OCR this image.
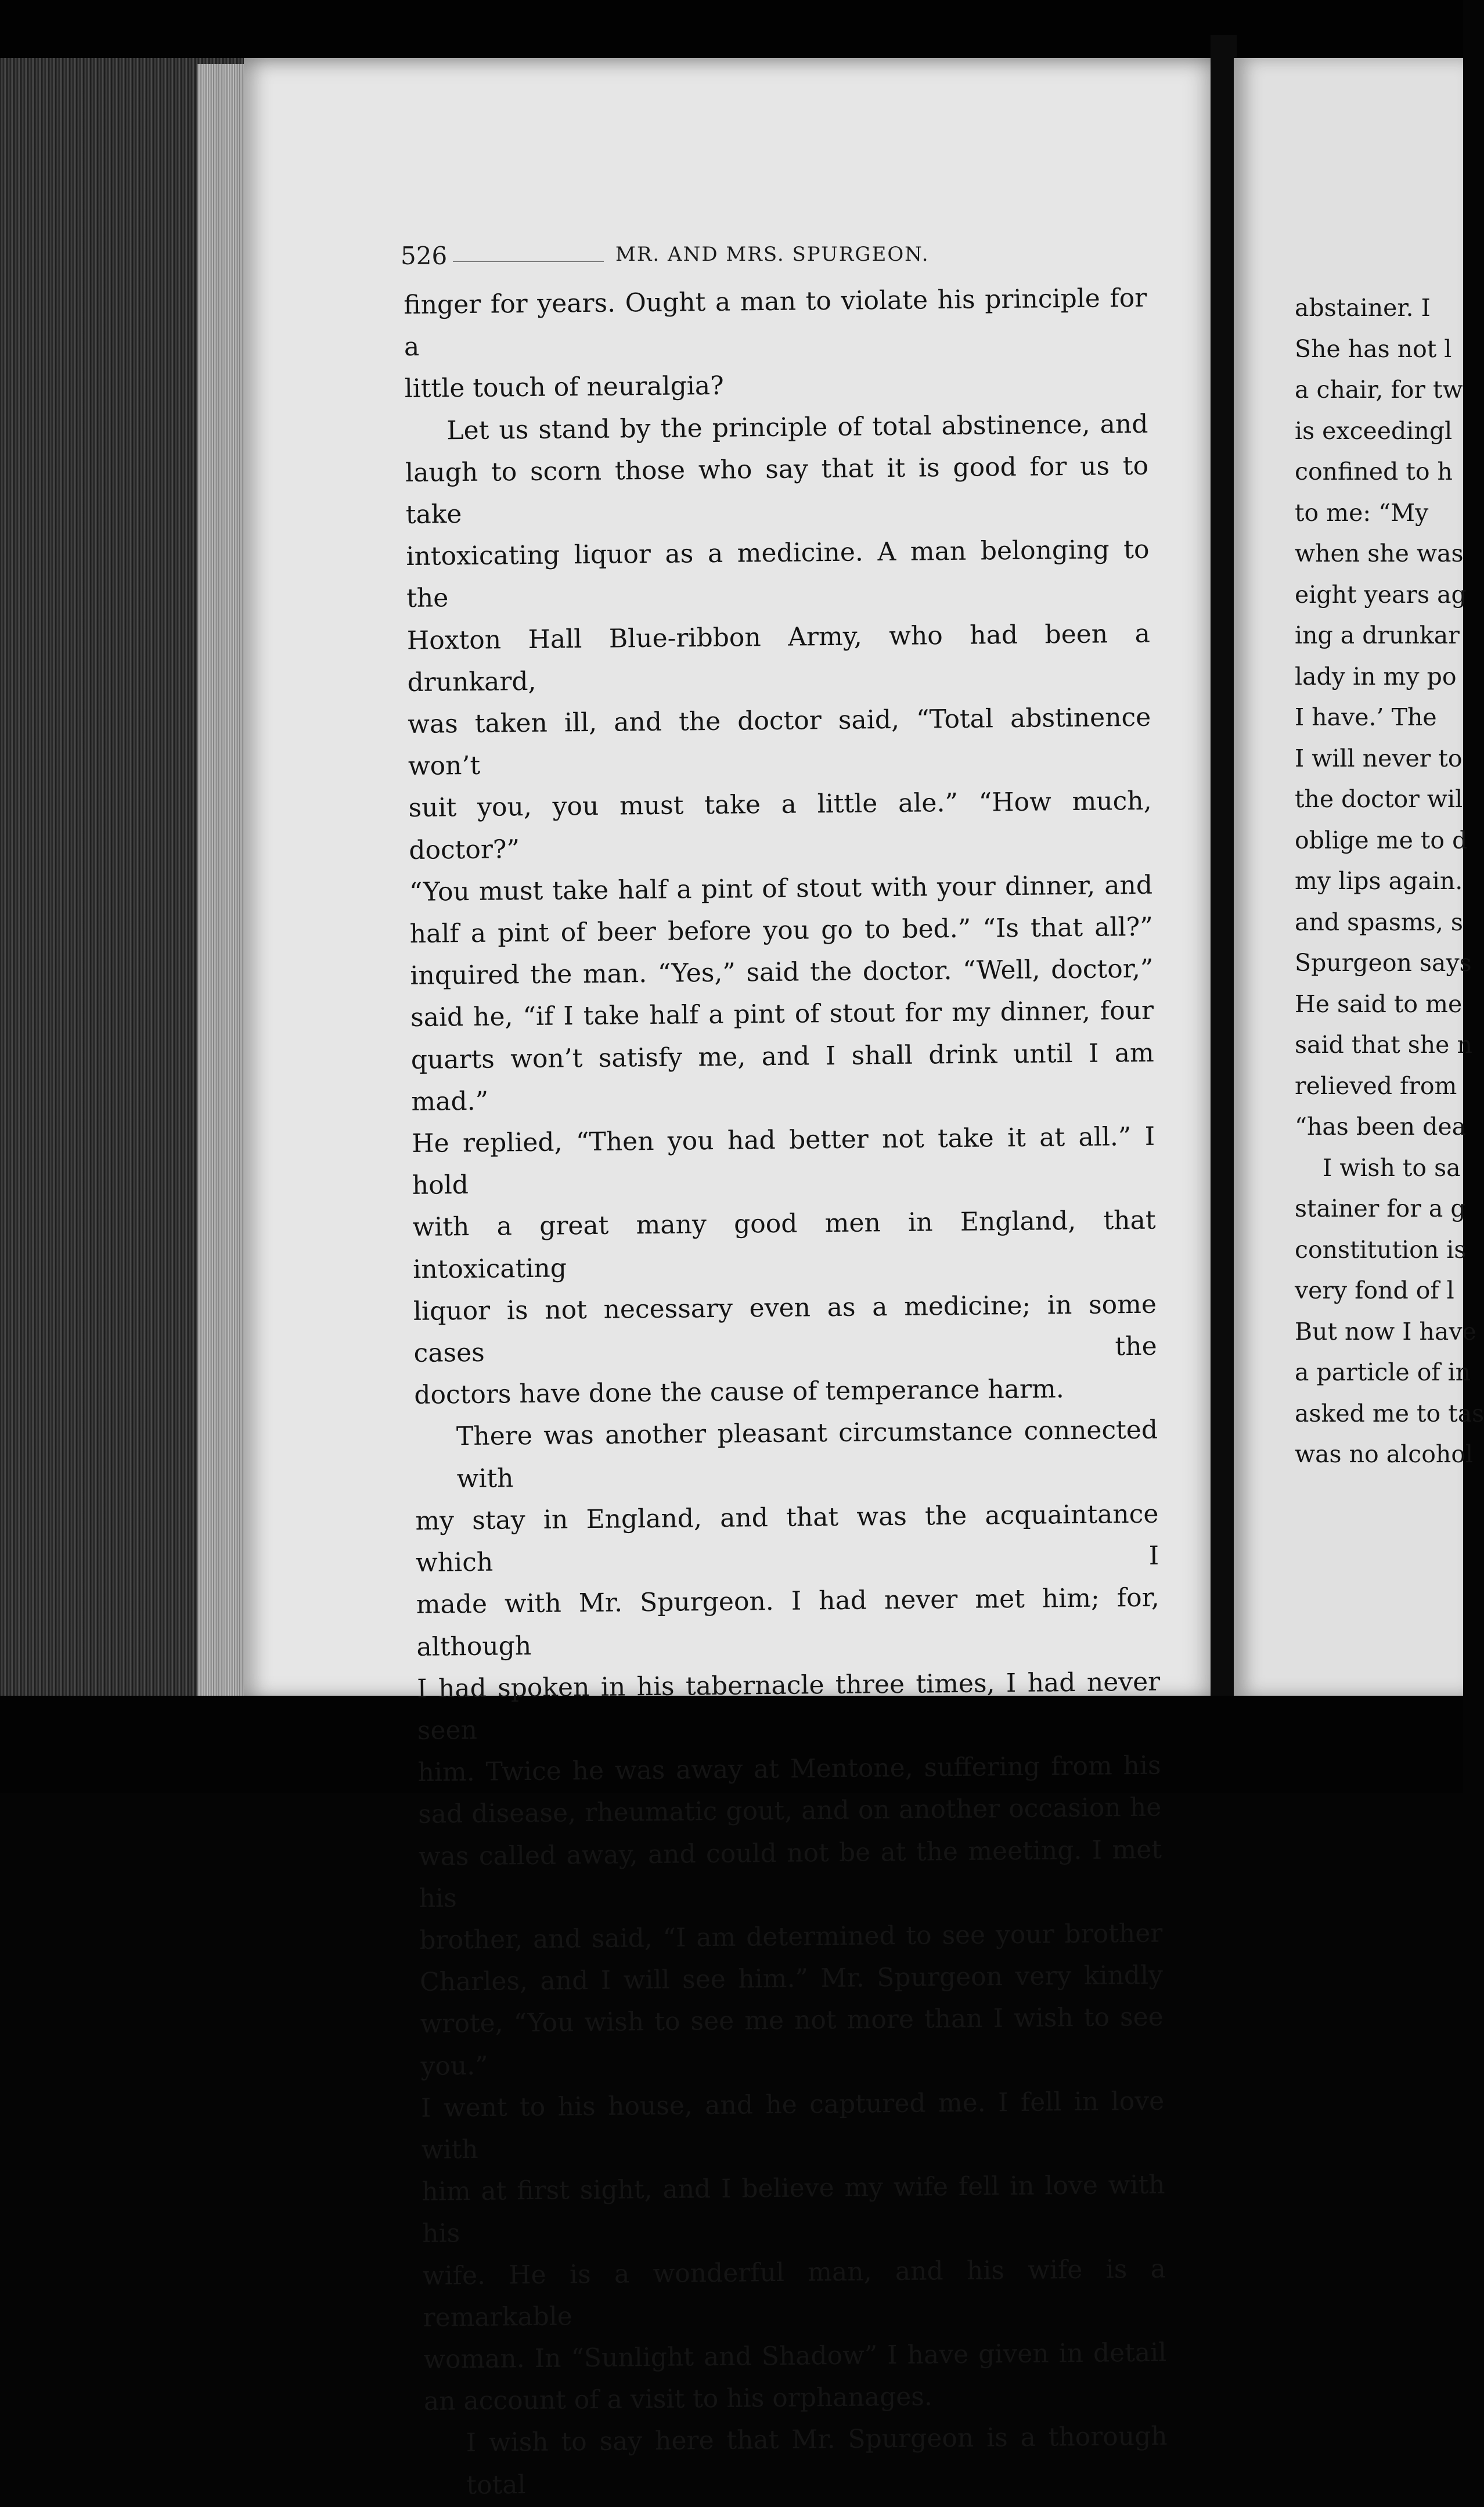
526	MR. AND MRS. SPURGEON.
finger for years. Ought a man to violate his principle for a
little touch of neuralgia?
Let us stand by the principle of total abstinence, and
laugh to scorn those who say that it is good for us to take
intoxicating liquor as a medicine. A man belonging to the
Hoxton Hall Blue-ribbon Army, who had been a drunkard,
was taken ill, and the doctor said, “Total abstinence won’t
suit you, you must take a little ale.” “How much, doctor?”
“You must take half a pint of stout with your dinner, and
half a pint of beer before you go to bed.” “Is that all?”
inquired the man. “Yes,” said the doctor. “Well, doctor,”
said he, “if I take half a pint of stout for my dinner, four
quarts won’t satisfy me, and I shall drink until I am mad.”
He replied, “Then you had better not take it at all.” I hold
with a great many good men in England, that intoxicating
liquor is not necessary even as a medicine; in some cases the
doctors have done the cause of temperance harm.
There was another pleasant circumstance connected with
my stay in England, and that was the acquaintance which I
made with Mr. Spurgeon. I had never met him; for, although
I had spoken in his tabernacle three times, I had never seen
him. Twice he was away at Mentone, suffering from his
sad disease, rheumatic gout, and on another occasion he
was called away, and could not be at the meeting. I met his
brother, and said, “I am determined to see your brother
Charles, and I will see him.” Mr. Spurgeon very kindly
wrote, “You wish to see me not more than I wish to see you.”
I went to his house, and he captured me. I fell in love with
him at first sight, and I believe my wife fell in love with his
wife. He is a wonderful man, and his wife is a remarkable
woman. In “Sunlight and Shadow” I have given in detail
an account of a visit to his orphanages.
I wish to say here that Mr. Spurgeon is a thorough total
abstainer. I
She has not l
a chair, for tw
is exceedingl
confined to h
to me: “My
when she was
eight years ag
ing a drunkar
lady in my po
I have.’ The
I will never to
the doctor wil
oblige me to d
my lips again.
and spasms, s
Spurgeon says
He said to me
said that she n
relieved from
“has been dea
I wish to sa
stainer for a g
constitution is
very fond of l
But now I have
a particle of in
asked me to tas
was no alcohol
